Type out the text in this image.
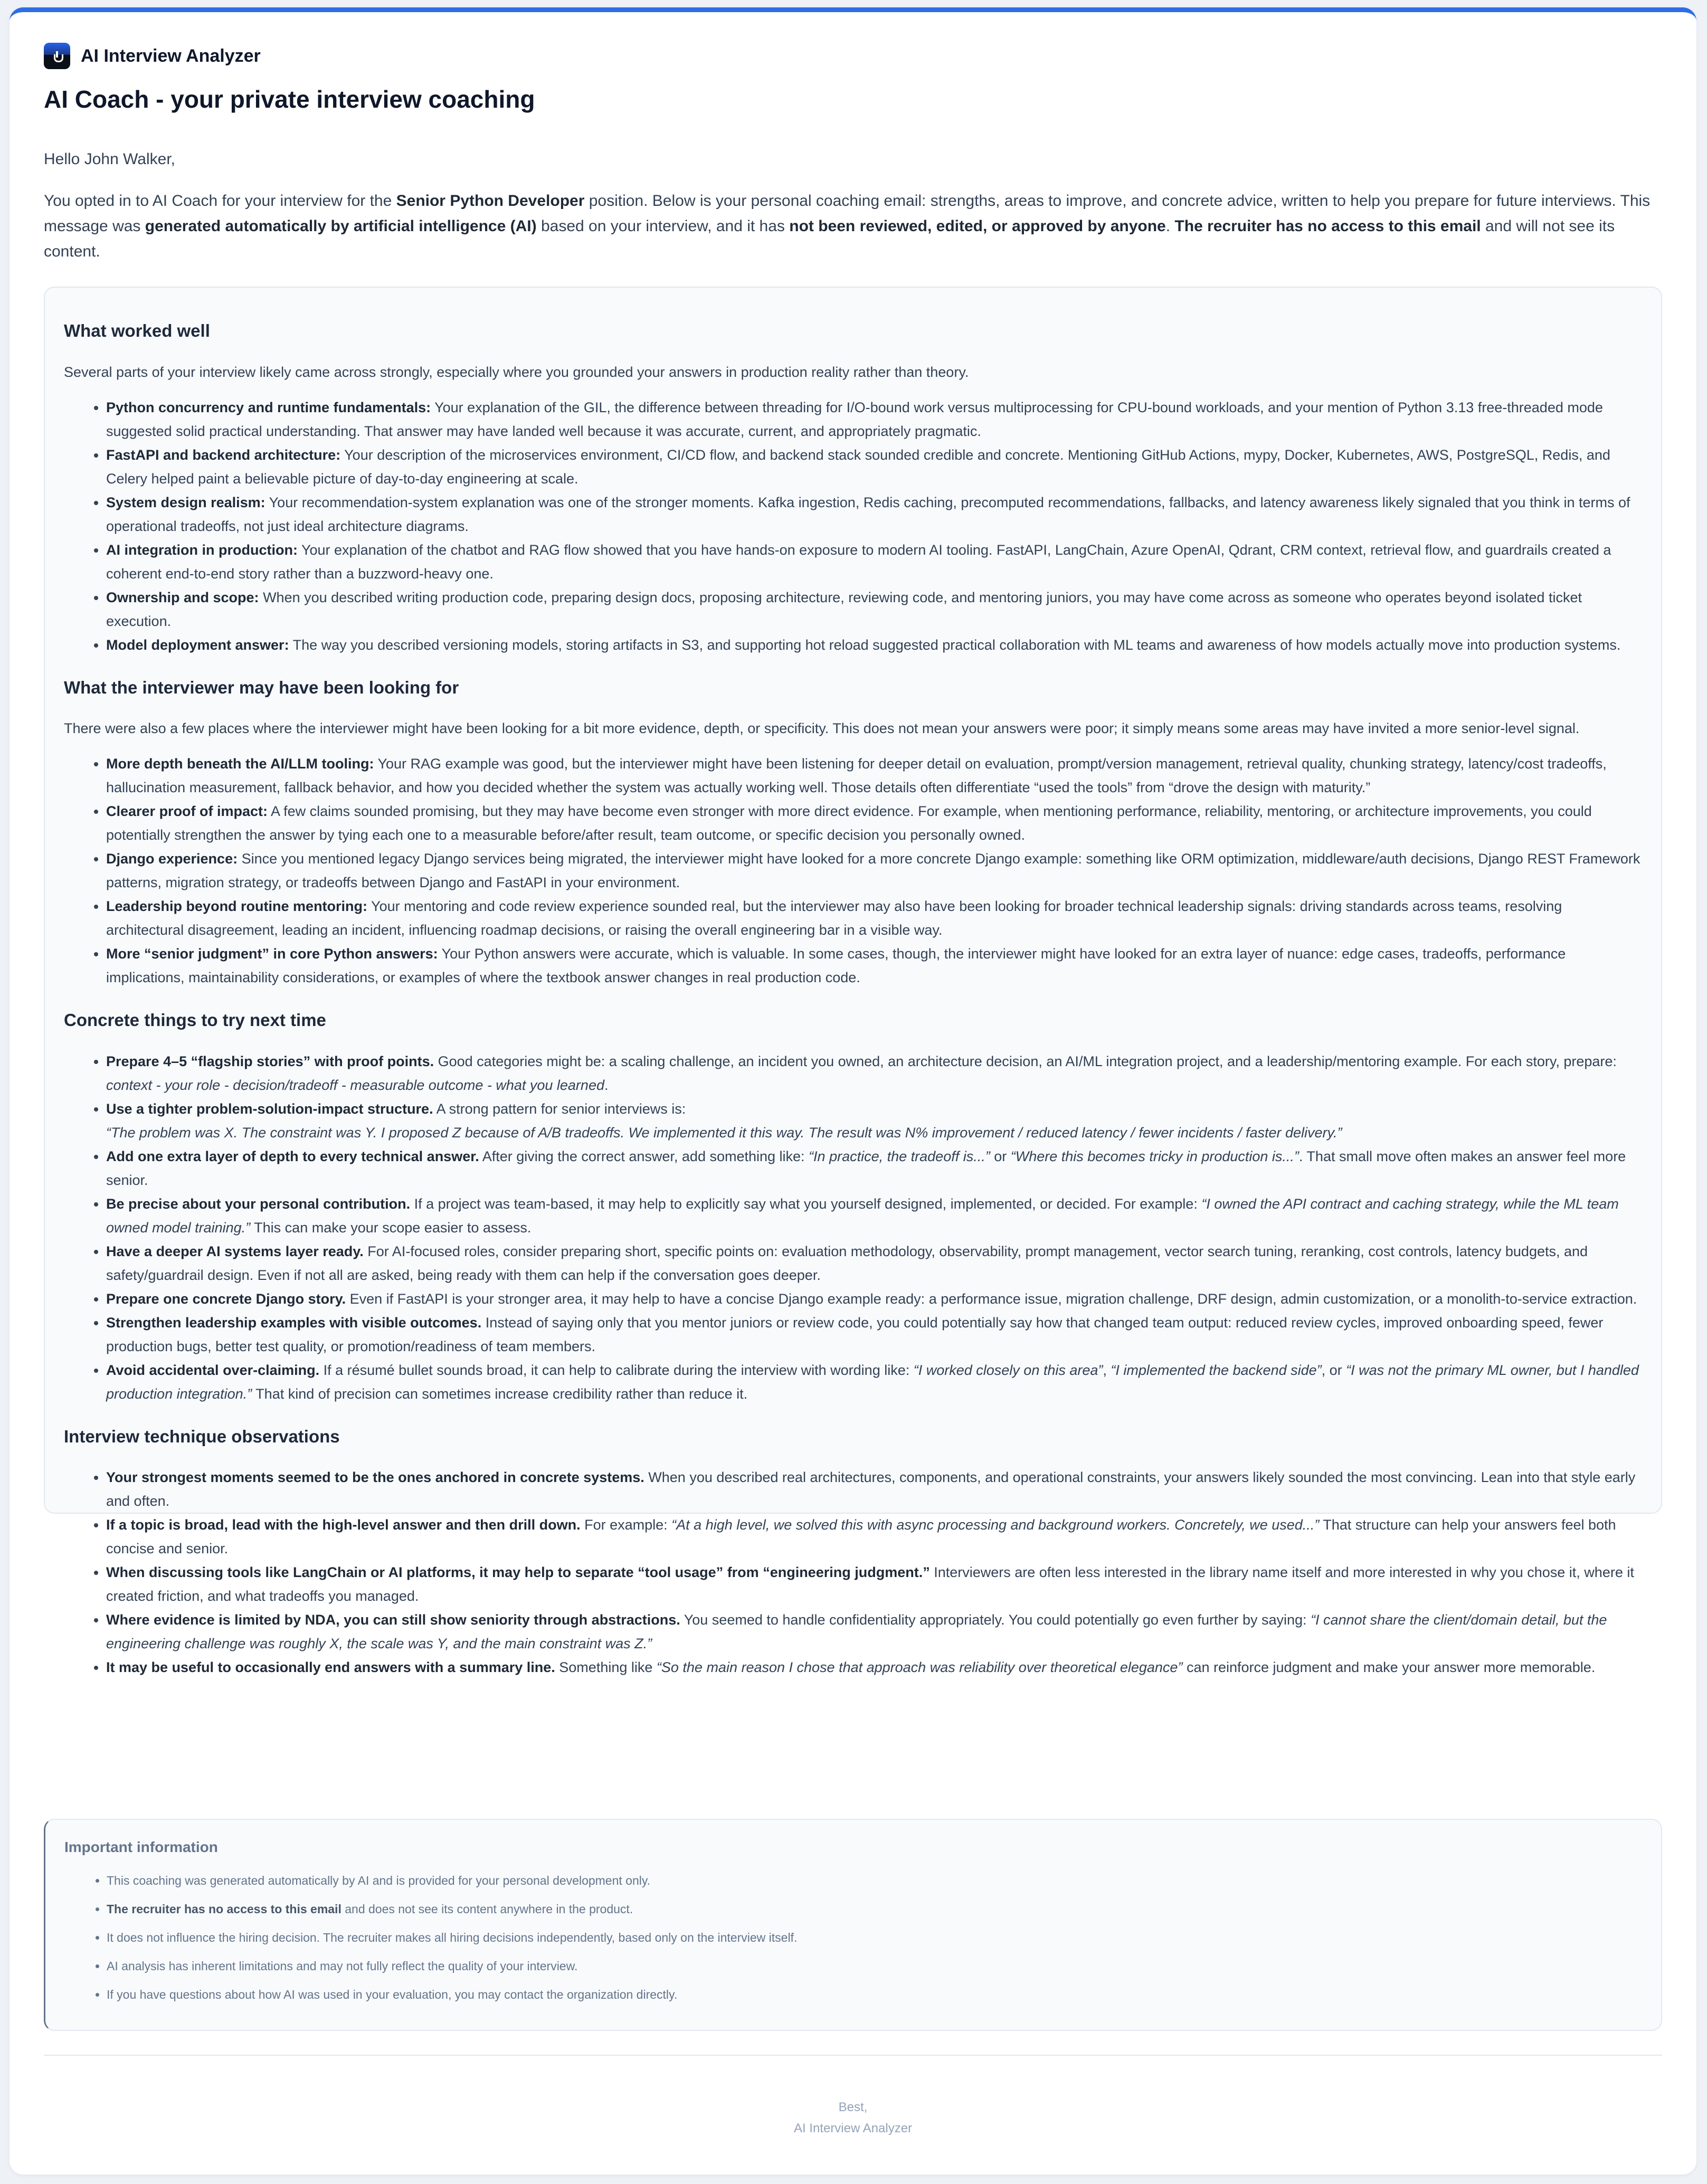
AI Interview Analyzer
AI Coach - your private interview coaching

Hello John Walker,

You opted in to AI Coach for your interview for the Senior Python Developer position. Below is your personal coaching email: strengths, areas to improve, and concrete advice, written to help you prepare for future interviews. This message was generated automatically by artificial intelligence (AI) based on your interview, and it has not been reviewed, edited, or approved by anyone. The recruiter has no access to this email and will not see its content.

What worked well

Several parts of your interview likely came across strongly, especially where you grounded your answers in production reality rather than theory.

• Python concurrency and runtime fundamentals: Your explanation of the GIL, the difference between threading for I/O-bound work versus multiprocessing for CPU-bound workloads, and your mention of Python 3.13 free-threaded mode suggested solid practical understanding. That answer may have landed well because it was accurate, current, and appropriately pragmatic.
• FastAPI and backend architecture: Your description of the microservices environment, CI/CD flow, and backend stack sounded credible and concrete. Mentioning GitHub Actions, mypy, Docker, Kubernetes, AWS, PostgreSQL, Redis, and Celery helped paint a believable picture of day-to-day engineering at scale.
• System design realism: Your recommendation-system explanation was one of the stronger moments. Kafka ingestion, Redis caching, precomputed recommendations, fallbacks, and latency awareness likely signaled that you think in terms of operational tradeoffs, not just ideal architecture diagrams.
• AI integration in production: Your explanation of the chatbot and RAG flow showed that you have hands-on exposure to modern AI tooling. FastAPI, LangChain, Azure OpenAI, Qdrant, CRM context, retrieval flow, and guardrails created a coherent end-to-end story rather than a buzzword-heavy one.
• Ownership and scope: When you described writing production code, preparing design docs, proposing architecture, reviewing code, and mentoring juniors, you may have come across as someone who operates beyond isolated ticket execution.
• Model deployment answer: The way you described versioning models, storing artifacts in S3, and supporting hot reload suggested practical collaboration with ML teams and awareness of how models actually move into production systems.
What the interviewer may have been looking for

There were also a few places where the interviewer might have been looking for a bit more evidence, depth, or specificity. This does not mean your answers were poor; it simply means some areas may have invited a more senior-level signal.

• More depth beneath the AI/LLM tooling: Your RAG example was good, but the interviewer might have been listening for deeper detail on evaluation, prompt/version management, retrieval quality, chunking strategy, latency/cost tradeoffs, hallucination measurement, fallback behavior, and how you decided whether the system was actually working well. Those details often differentiate “used the tools” from “drove the design with maturity.”
• Clearer proof of impact: A few claims sounded promising, but they may have become even stronger with more direct evidence. For example, when mentioning performance, reliability, mentoring, or architecture improvements, you could potentially strengthen the answer by tying each one to a measurable before/after result, team outcome, or specific decision you personally owned.
• Django experience: Since you mentioned legacy Django services being migrated, the interviewer might have looked for a more concrete Django example: something like ORM optimization, middleware/auth decisions, Django REST Framework patterns, migration strategy, or tradeoffs between Django and FastAPI in your environment.
• Leadership beyond routine mentoring: Your mentoring and code review experience sounded real, but the interviewer may also have been looking for broader technical leadership signals: driving standards across teams, resolving architectural disagreement, leading an incident, influencing roadmap decisions, or raising the overall engineering bar in a visible way.
• More “senior judgment” in core Python answers: Your Python answers were accurate, which is valuable. In some cases, though, the interviewer might have looked for an extra layer of nuance: edge cases, tradeoffs, performance implications, maintainability considerations, or examples of where the textbook answer changes in real production code.
Concrete things to try next time
• Prepare 4–5 “flagship stories” with proof points. Good categories might be: a scaling challenge, an incident you owned, an architecture decision, an AI/ML integration project, and a leadership/mentoring example. For each story, prepare: context - your role - decision/tradeoff - measurable outcome - what you learned.
• Use a tighter problem-solution-impact structure. A strong pattern for senior interviews is:
“The problem was X. The constraint was Y. I proposed Z because of A/B tradeoffs. We implemented it this way. The result was N% improvement / reduced latency / fewer incidents / faster delivery.”
• Add one extra layer of depth to every technical answer. After giving the correct answer, add something like: “In practice, the tradeoff is...” or “Where this becomes tricky in production is...”. That small move often makes an answer feel more senior.
• Be precise about your personal contribution. If a project was team-based, it may help to explicitly say what you yourself designed, implemented, or decided. For example: “I owned the API contract and caching strategy, while the ML team owned model training.” This can make your scope easier to assess.
• Have a deeper AI systems layer ready. For AI-focused roles, consider preparing short, specific points on: evaluation methodology, observability, prompt management, vector search tuning, reranking, cost controls, latency budgets, and safety/guardrail design. Even if not all are asked, being ready with them can help if the conversation goes deeper.
• Prepare one concrete Django story. Even if FastAPI is your stronger area, it may help to have a concise Django example ready: a performance issue, migration challenge, DRF design, admin customization, or a monolith-to-service extraction.
• Strengthen leadership examples with visible outcomes. Instead of saying only that you mentor juniors or review code, you could potentially say how that changed team output: reduced review cycles, improved onboarding speed, fewer production bugs, better test quality, or promotion/readiness of team members.
• Avoid accidental over-claiming. If a résumé bullet sounds broad, it can help to calibrate during the interview with wording like: “I worked closely on this area”, “I implemented the backend side”, or “I was not the primary ML owner, but I handled production integration.” That kind of precision can sometimes increase credibility rather than reduce it.
Interview technique observations
• Your strongest moments seemed to be the ones anchored in concrete systems. When you described real architectures, components, and operational constraints, your answers likely sounded the most convincing. Lean into that style early and often.
• If a topic is broad, lead with the high-level answer and then drill down. For example: “At a high level, we solved this with async processing and background workers. Concretely, we used...” That structure can help your answers feel both concise and senior.
• When discussing tools like LangChain or AI platforms, it may help to separate “tool usage” from “engineering judgment.” Interviewers are often less interested in the library name itself and more interested in why you chose it, where it created friction, and what tradeoffs you managed.
• Where evidence is limited by NDA, you can still show seniority through abstractions. You seemed to handle confidentiality appropriately. You could potentially go even further by saying: “I cannot share the client/domain detail, but the engineering challenge was roughly X, the scale was Y, and the main constraint was Z.”
• It may be useful to occasionally end answers with a summary line. Something like “So the main reason I chose that approach was reliability over theoretical elegance” can reinforce judgment and make your answer more memorable.
Important information
• This coaching was generated automatically by AI and is provided for your personal development only.
• The recruiter has no access to this email and does not see its content anywhere in the product.
• It does not influence the hiring decision. The recruiter makes all hiring decisions independently, based only on the interview itself.
• AI analysis has inherent limitations and may not fully reflect the quality of your interview.
• If you have questions about how AI was used in your evaluation, you may contact the organization directly.
Best,
AI Interview Analyzer
